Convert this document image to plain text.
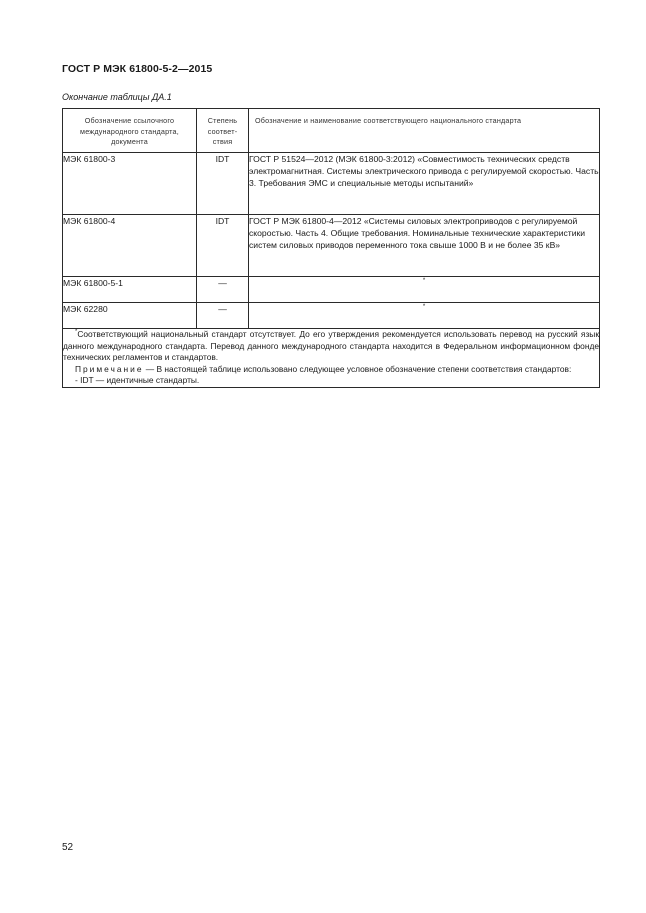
ГОСТ Р МЭК 61800-5-2—2015
Окончание таблицы ДА.1
Обозначение ссылочного международного стандарта, документа	Степень соответ-ствия	Обозначение и наименование соответствующего национального стандарта
МЭК 61800-3	IDT	ГОСТ Р 51524—2012 (МЭК 61800-3:2012) «Совместимость технических средств электромагнитная. Системы электрического привода с регулируемой скоростью. Часть 3. Требования ЭМС и специальные методы испытаний»
МЭК 61800-4	IDT	ГОСТ Р МЭК 61800-4—2012 «Системы силовых электроприводов с регулируемой скоростью. Часть 4. Общие требования. Номинальные технические характеристики систем силовых приводов переменного тока свыше 1000 В и не более 35 кВ»
МЭК 61800-5-1	—	*
МЭК 62280	—	*

*Соответствующий национальный стандарт отсутствует. До его утверждения рекомендуется использовать перевод на русский язык данного международного стандарта. Перевод данного международного стандарта находится в Федеральном информационном фонде технических регламентов и стандартов.
Примечание — В настоящей таблице использовано следующее условное обозначение степени соответствия стандартов:
- IDT — идентичные стандарты.		
52
